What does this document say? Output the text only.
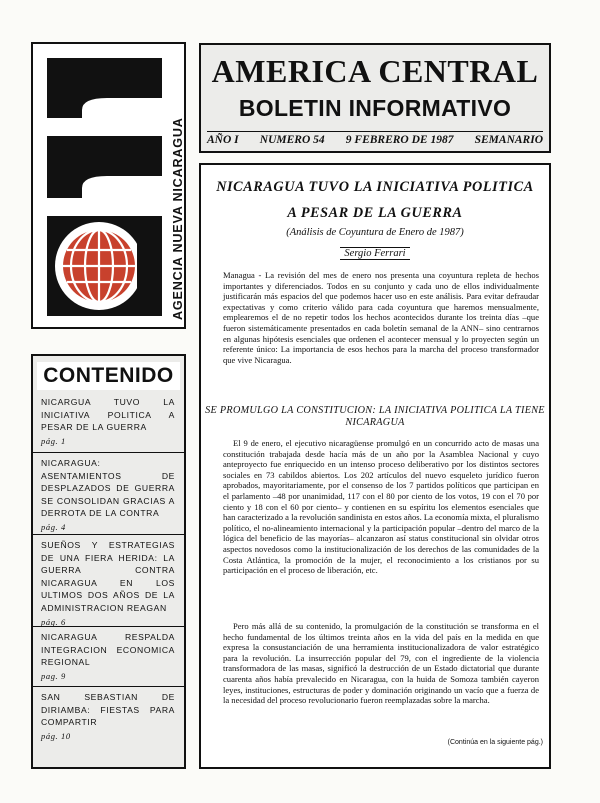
AGENCIA NUEVA NICARAGUA
AMERICA CENTRAL
BOLETIN INFORMATIVO
AÑO I NUMERO 54 9 FEBRERO DE 1987 SEMANARIO
CONTENIDO
NICARGUA TUVO LA INICIATIVA POLITICA A PESAR DE LA GUERRA
pág. 1
NICARAGUA: ASENTAMIENTOS DE DESPLAZADOS DE GUERRA SE CONSOLIDAN GRACIAS A DERROTA DE LA CONTRA
pág. 4
SUEÑOS Y ESTRATEGIAS DE UNA FIERA HERIDA: LA GUERRA CONTRA NICARAGUA EN LOS ULTIMOS DOS AÑOS DE LA ADMINISTRACION REAGAN
pág. 6
NICARAGUA RESPALDA INTEGRACION ECONOMICA REGIONAL
pag. 9
SAN SEBASTIAN DE DIRIAMBA: FIESTAS PARA COMPARTIR
pág. 10
NICARAGUA TUVO LA INICIATIVA POLITICA A PESAR DE LA GUERRA
(Análisis de Coyuntura de Enero de 1987)
Sergio Ferrari

Managua - La revisión del mes de enero nos presenta una coyuntura repleta de hechos importantes y diferenciados. Todos en su conjunto y cada uno de ellos individualmente justificarán más espacios del que podemos hacer uso en este análisis. Para evitar defraudar expectativas y como criterio válido para cada coyuntura que haremos mensualmente, emplearemos el de no repetir todos los hechos acontecidos durante los treinta días –que fueron sistemáticamente presentados en cada boletín semanal de la ANN– sino centrarnos en algunas hipótesis esenciales que ordenen el acontecer mensual y lo proyecten según un referente único: La importancia de esos hechos para la marcha del proceso transformador que vive Nicaragua.

SE PROMULGO LA CONSTITUCION: LA INICIATIVA POLITICA LA TIENE NICARAGUA

El 9 de enero, el ejecutivo nicaragüense promulgó en un concurrido acto de masas una constitución trabajada desde hacía más de un año por la Asamblea Nacional y cuyo anteproyecto fue enriquecido en un intenso proceso deliberativo por los distintos sectores sociales en 73 cabildos abiertos. Los 202 artículos del nuevo esqueleto jurídico fueron aprobados, mayoritariamente, por el consenso de los 7 partidos políticos que participan en el parlamento –48 por unanimidad, 117 con el 80 por ciento de los votos, 19 con el 70 por ciento y 18 con el 60 por ciento– y contienen en su espíritu los elementos esenciales que han caracterizado a la revolución sandinista en estos años. La economía mixta, el pluralismo político, el no-alineamiento internacional y la participación popular –dentro del marco de la lógica del beneficio de las mayorías– alcanzaron así status constitucional sin olvidar otros aspectos novedosos como la institucionalización de los derechos de las comunidades de la Costa Atlántica, la promoción de la mujer, el reconocimiento a los cristianos por su participación en el proceso de liberación, etc.

Pero más allá de su contenido, la promulgación de la constitución se transforma en el hecho fundamental de los últimos treinta años en la vida del país en la medida en que expresa la consustanciación de una herramienta institucionalizadora de valor estratégico para la revolución. La insurrección popular del 79, con el ingrediente de la violencia transformadora de las masas, significó la destrucción de un Estado dictatorial que durante cuarenta años había prevalecido en Nicaragua, con la huida de Somoza también cayeron leyes, instituciones, estructuras de poder y dominación originando un vacío que a fuerza de la necesidad del proceso revolucionario fueron reemplazadas sobre la marcha.

(Continúa en la siguiente pág.)
